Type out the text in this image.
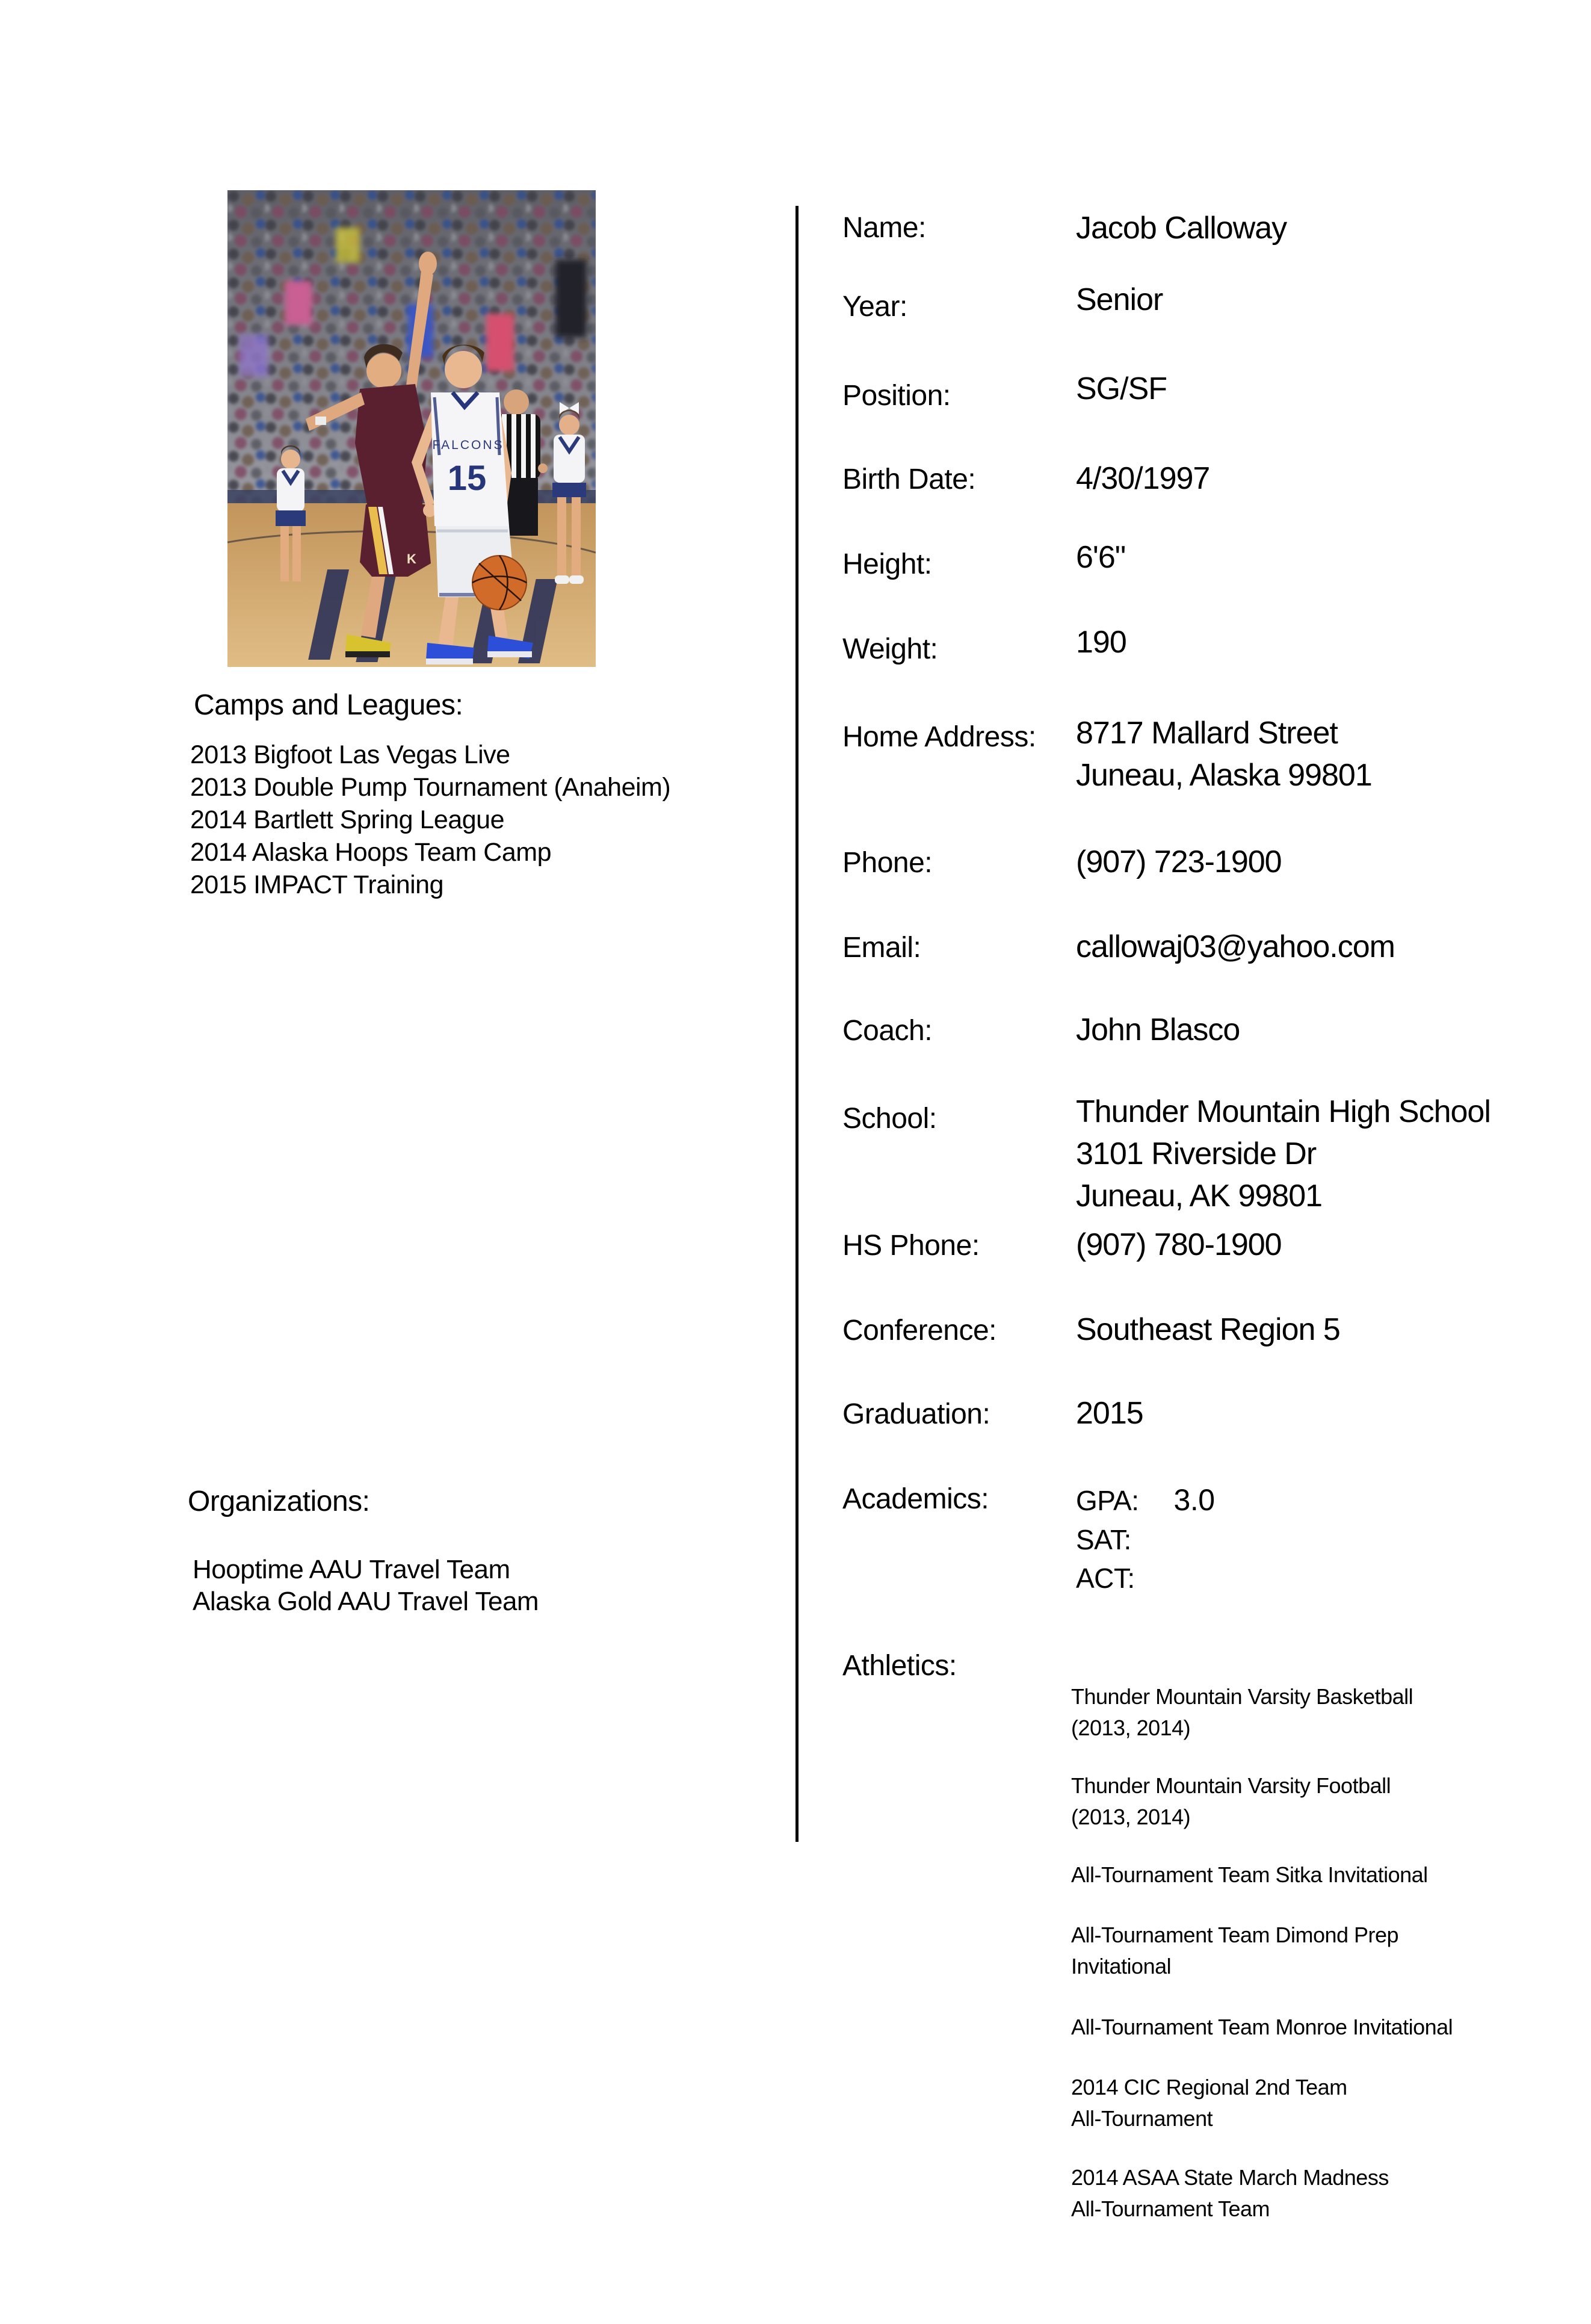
K
FALCONS
15
Camps and Leagues:
2013 Bigfoot Las Vegas Live
2013 Double Pump Tournament (Anaheim)
2014 Bartlett Spring League
2014 Alaska Hoops Team Camp
2015 IMPACT Training
Organizations:
Hooptime AAU Travel Team
Alaska Gold AAU Travel Team
Name:	Jacob Calloway
Year:	Senior
Position:	SG/SF
Birth Date:	4/30/1997
Height:	6'6"
Weight:	190
Home Address: 8717 Mallard Street
Juneau, Alaska 99801
Phone:	(907) 723-1900
Email:	callowaj03@yahoo.com
Coach:	John Blasco
School:	Thunder Mountain High School
3101 Riverside Dr
Juneau, AK 99801
HS Phone:	(907) 780-1900
Conference:	Southeast Region 5
Graduation:	2015
Academics:	GPA: 3.0
SAT:
ACT:
Athletics:
Thunder Mountain Varsity Basketball
(2013, 2014)
Thunder Mountain Varsity Football
(2013, 2014)
All-Tournament Team Sitka Invitational
All-Tournament Team Dimond Prep
Invitational
All-Tournament Team Monroe Invitational
2014 CIC Regional 2nd Team
All-Tournament
2014 ASAA State March Madness
All-Tournament Team
